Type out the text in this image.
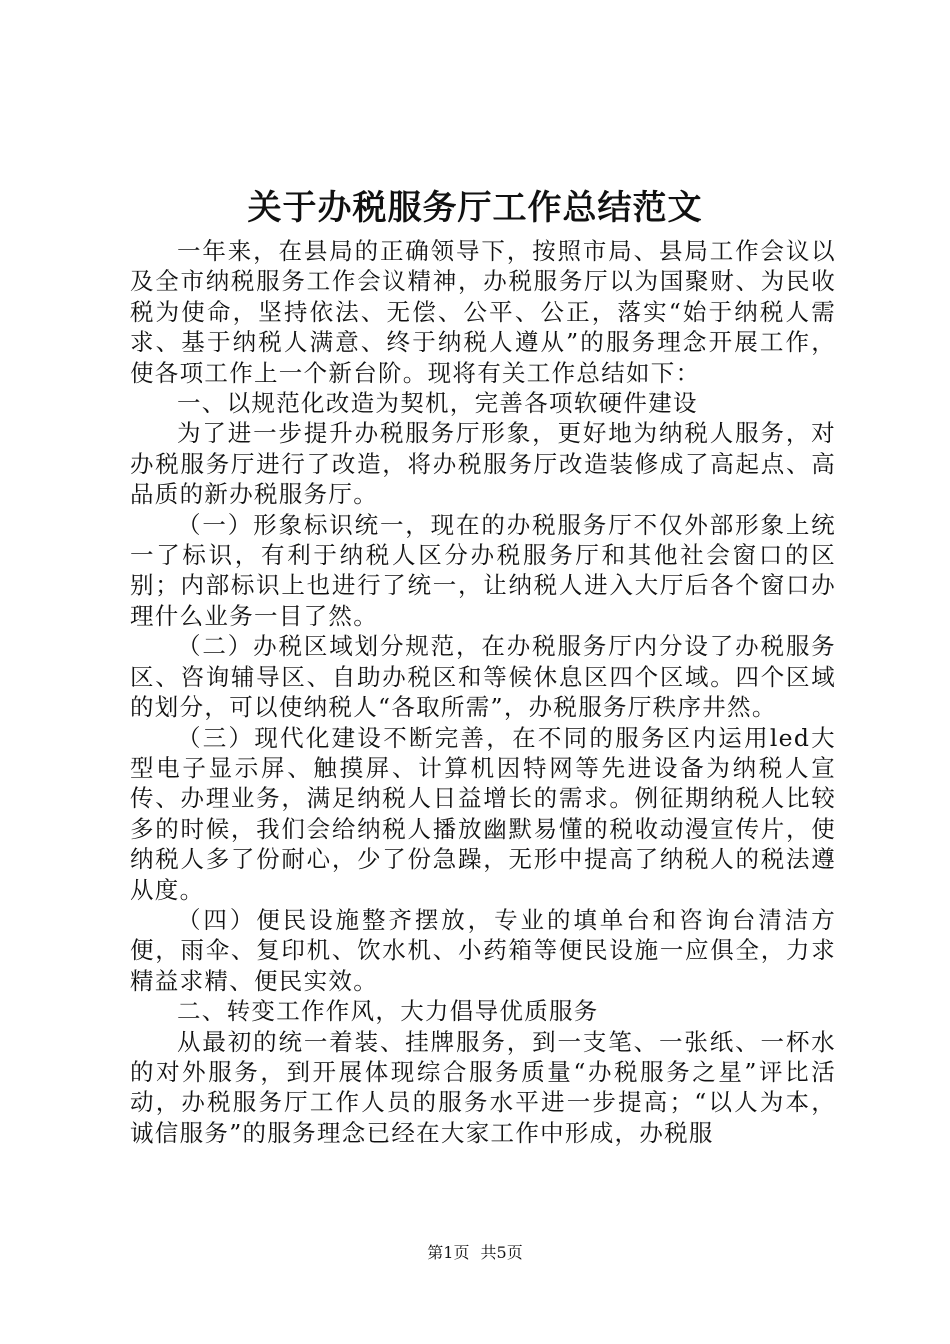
关于办税服务厅工作总结范文

一年来，在县局的正确领导下，按照市局、县局工作会议以及全市纳税服务工作会议精神，办税服务厅以为国聚财、为民收税为使命，坚持依法、无偿、公平、公正，落实“始于纳税人需求、基于纳税人满意、终于纳税人遵从”的服务理念开展工作，使各项工作上一个新台阶。现将有关工作总结如下：

一、以规范化改造为契机，完善各项软硬件建设

为了进一步提升办税服务厅形象，更好地为纳税人服务，对办税服务厅进行了改造，将办税服务厅改造装修成了高起点、高品质的新办税服务厅。

（一）形象标识统一，现在的办税服务厅不仅外部形象上统一了标识，有利于纳税人区分办税服务厅和其他社会窗口的区别；内部标识上也进行了统一，让纳税人进入大厅后各个窗口办理什么业务一目了然。

（二）办税区域划分规范，在办税服务厅内分设了办税服务区、咨询辅导区、自助办税区和等候休息区四个区域。四个区域的划分，可以使纳税人“各取所需”，办税服务厅秩序井然。

（三）现代化建设不断完善，在不同的服务区内运用led大型电子显示屏、触摸屏、计算机因特网等先进设备为纳税人宣传、办理业务，满足纳税人日益增长的需求。例征期纳税人比较多的时候，我们会给纳税人播放幽默易懂的税收动漫宣传片，使纳税人多了份耐心，少了份急躁，无形中提高了纳税人的税法遵从度。

（四）便民设施整齐摆放，专业的填单台和咨询台清洁方便，雨伞、复印机、饮水机、小药箱等便民设施一应俱全，力求精益求精、便民实效。

二、转变工作作风，大力倡导优质服务

从最初的统一着装、挂牌服务，到一支笔、一张纸、一杯水的对外服务，到开展体现综合服务质量“办税服务之星”评比活动，办税服务厅工作人员的服务水平进一步提高；“以人为本，诚信服务”的服务理念已经在大家工作中形成，办税服

第1页 共5页
